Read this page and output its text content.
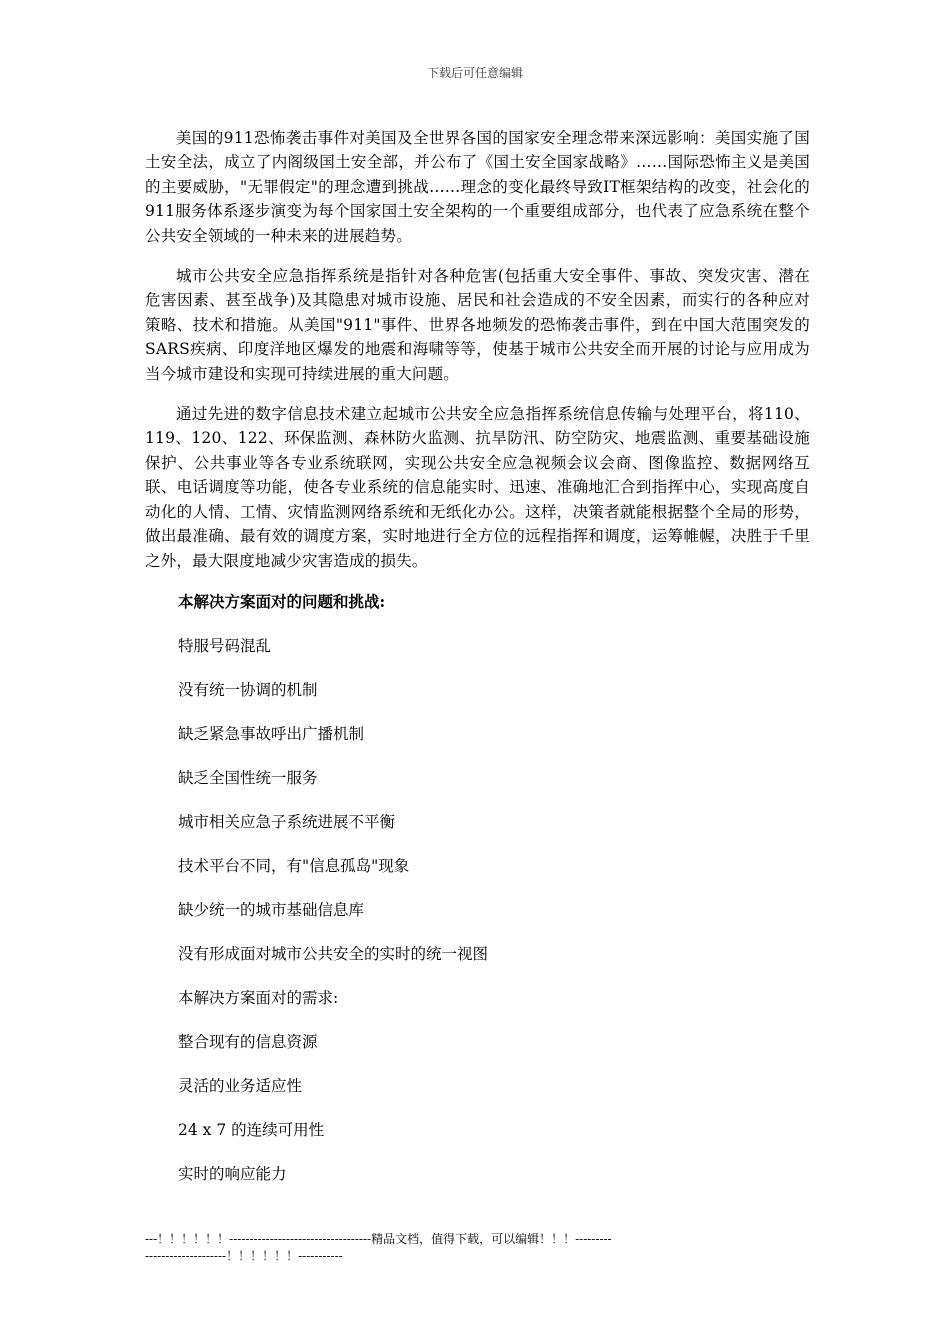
下载后可任意编辑

美国的911恐怖袭击事件对美国及全世界各国的国家安全理念带来深远影响：美国实施了国土安全法，成立了内阁级国土安全部，并公布了《国土安全国家战略》……国际恐怖主义是美国的主要威胁，"无罪假定"的理念遭到挑战……理念的变化最终导致IT框架结构的改变，社会化的911服务体系逐步演变为每个国家国土安全架构的一个重要组成部分，也代表了应急系统在整个公共安全领域的一种未来的进展趋势。

城市公共安全应急指挥系统是指针对各种危害(包括重大安全事件、事故、突发灾害、潜在危害因素、甚至战争)及其隐患对城市设施、居民和社会造成的不安全因素，而实行的各种应对策略、技术和措施。从美国"911"事件、世界各地频发的恐怖袭击事件，到在中国大范围突发的SARS疾病、印度洋地区爆发的地震和海啸等等，使基于城市公共安全而开展的讨论与应用成为当今城市建设和实现可持续进展的重大问题。

通过先进的数字信息技术建立起城市公共安全应急指挥系统信息传输与处理平台，将110、119、120、122、环保监测、森林防火监测、抗旱防汛、防空防灾、地震监测、重要基础设施保护、公共事业等各专业系统联网，实现公共安全应急视频会议会商、图像监控、数据网络互联、电话调度等功能，使各专业系统的信息能实时、迅速、准确地汇合到指挥中心，实现高度自动化的人情、工情、灾情监测网络系统和无纸化办公。这样，决策者就能根据整个全局的形势，做出最准确、最有效的调度方案，实时地进行全方位的远程指挥和调度，运筹帷幄，决胜于千里之外，最大限度地减少灾害造成的损失。

本解决方案面对的问题和挑战:
特服号码混乱
没有统一协调的机制
缺乏紧急事故呼出广播机制
缺乏全国性统一服务
城市相关应急子系统进展不平衡
技术平台不同，有"信息孤岛"现象
缺少统一的城市基础信息库
没有形成面对城市公共安全的实时的统一视图
本解决方案面对的需求:
整合现有的信息资源
灵活的业务适应性
24 x 7 的连续可用性
实时的响应能力
---！！！！！！-----------------------------------精品文档，值得下载，可以编辑！！！-----------------------------！！！！！！-----------
